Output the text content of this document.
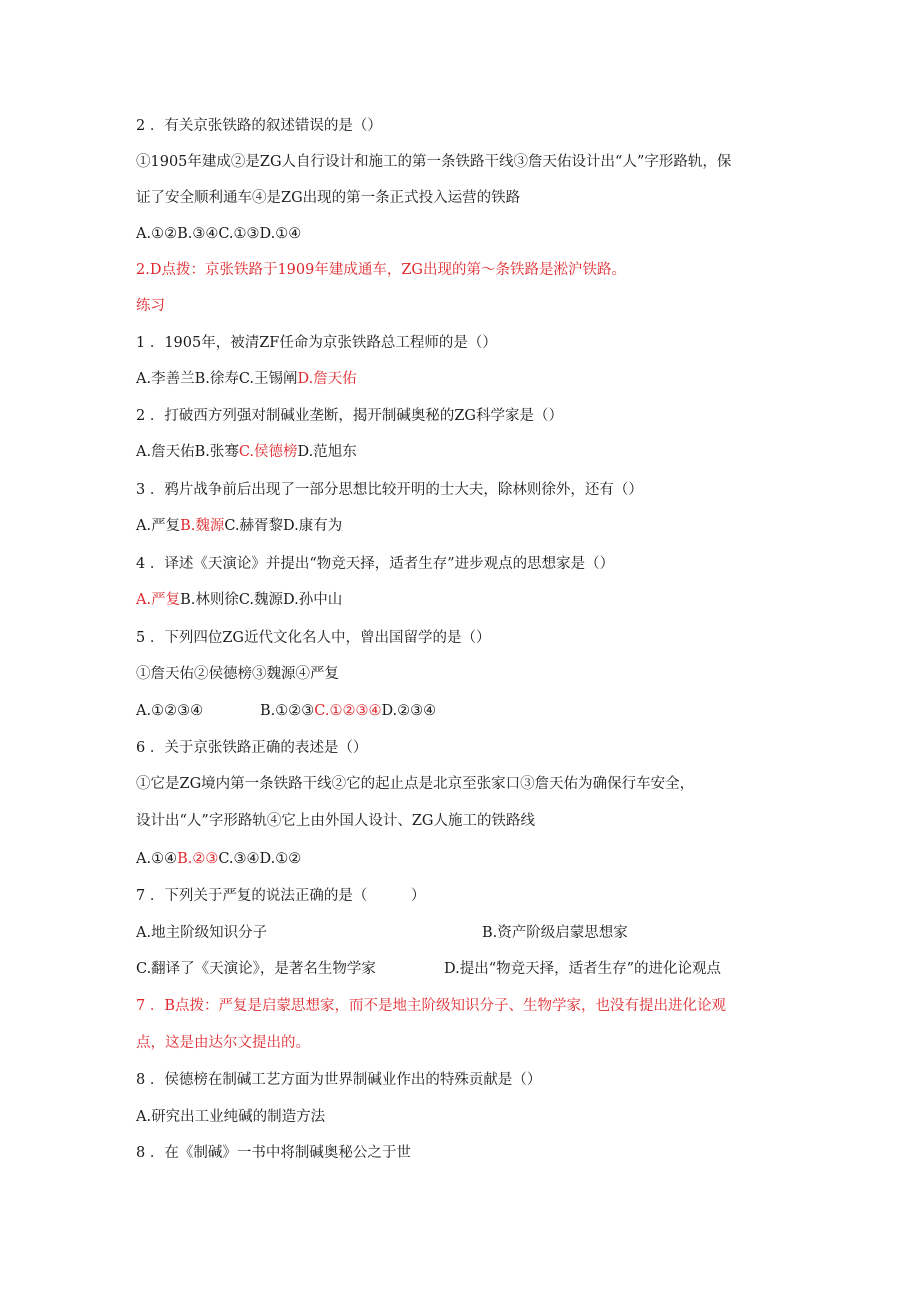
2 ．有关京张铁路的叙述错误的是（）
①1905年建成②是ZG人自行设计和施工的第一条铁路干线③詹天佑设计出“人”字形路轨，保
证了安全顺利通车④是ZG出现的第一条正式投入运营的铁路
A.①②B.③④C.①③D.①④
2.D点拨：京张铁路于1909年建成通车，ZG出现的第〜条铁路是淞沪铁路。
练习
1 ．1905年，被清ZF任命为京张铁路总工程师的是（）
A.李善兰B.徐寿C.王锡阐D.詹天佑
2 ．打破西方列强对制碱业垄断，揭开制碱奥秘的ZG科学家是（）
A.詹天佑B.张骞C.侯德榜D.范旭东
3 ．鸦片战争前后出现了一部分思想比较开明的士大夫，除林则徐外，还有（）
A.严复B.魏源C.赫胥黎D.康有为
4 ．译述《天演论》并提出“物竞天择，适者生存”进步观点的思想家是（）
A.严复B.林则徐C.魏源D.孙中山
5 ．下列四位ZG近代文化名人中，曾出国留学的是（）
①詹天佑②侯德榜③魏源④严复
A.①②③④	B.①②③C.①②③④D.②③④
6 ．关于京张铁路正确的表述是（）
①它是ZG境内第一条铁路干线②它的起止点是北京至张家口③詹天佑为确保行车安全，
设计出“人”字形路轨④它上由外国人设计、ZG人施工的铁路线
A.①④B.②③C.③④D.①②
7 ．下列关于严复的说法正确的是（　　　）
A.地主阶级知识分子	B.资产阶级启蒙思想家
C.翻译了《天演论》，是著名生物学家	D.提出“物竞天择，适者生存”的进化论观点
7 ．B点拨：严复是启蒙思想家，而不是地主阶级知识分子、生物学家，也没有提出进化论观
点，这是由达尔文提出的。
8 ．侯德榜在制碱工艺方面为世界制碱业作出的特殊贡献是（）
A.研究出工业纯碱的制造方法
8 ．在《制碱》一书中将制碱奥秘公之于世
